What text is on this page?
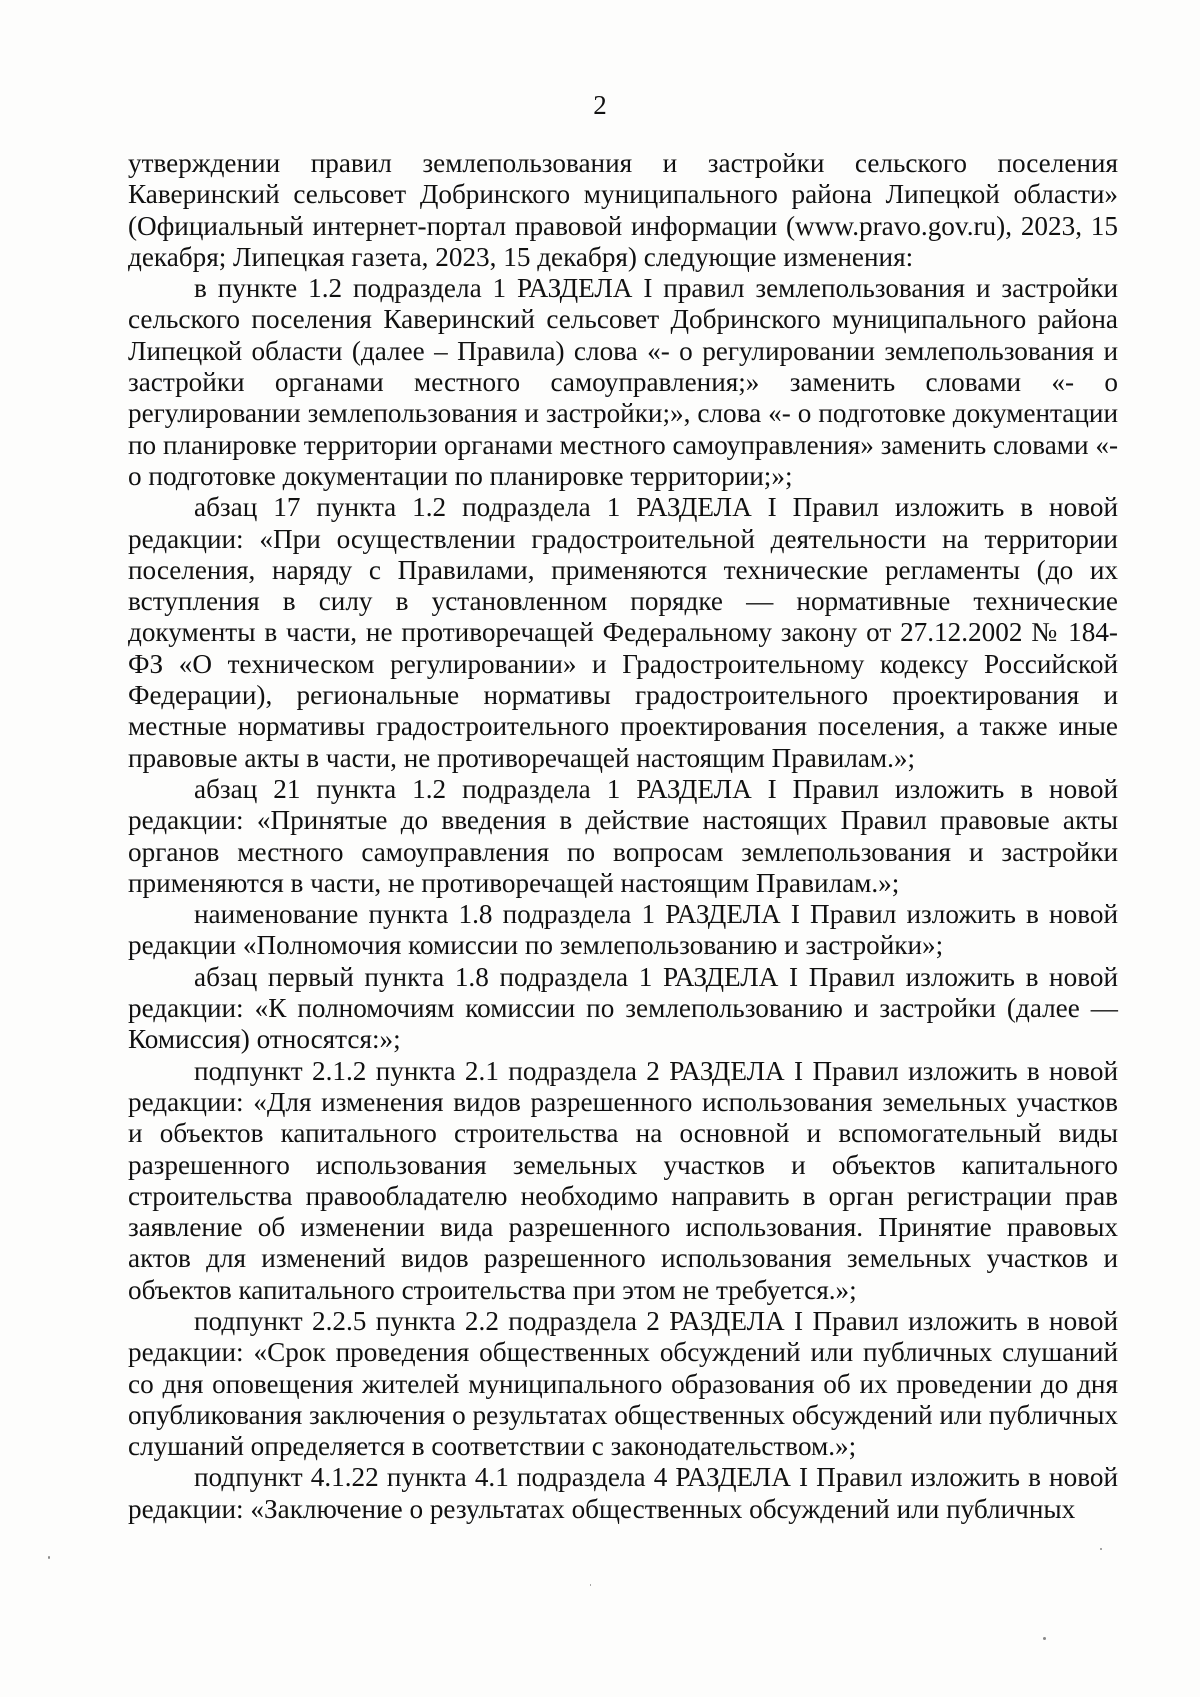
2

утверждении правил землепользования и застройки сельского поселения Каверинский сельсовет Добринского муниципального района Липецкой области» (Официальный интернет-портал правовой информации (www.pravo.gov.ru), 2023, 15 декабря; Липецкая газета, 2023, 15 декабря) следующие изменения:

в пункте 1.2 подраздела 1 РАЗДЕЛА I правил землепользования и застройки сельского поселения Каверинский сельсовет Добринского муниципального района Липецкой области (далее – Правила) слова «- о регулировании землепользования и застройки органами местного самоуправления;» заменить словами «- о регулировании землепользования и застройки;», слова «- о подготовке документации по планировке территории органами местного самоуправления» заменить словами «- о подготовке документации по планировке территории;»;

абзац 17 пункта 1.2 подраздела 1 РАЗДЕЛА I Правил изложить в новой редакции: «При осуществлении градостроительной деятельности на территории поселения, наряду с Правилами, применяются технические регламенты (до их вступления в силу в установленном порядке — нормативные технические документы в части, не противоречащей Федеральному закону от 27.12.2002 № 184-ФЗ «О техническом регулировании» и Градостроительному кодексу Российской Федерации), региональные нормативы градостроительного проектирования и местные нормативы градостроительного проектирования поселения, а также иные правовые акты в части, не противоречащей настоящим Правилам.»;

абзац 21 пункта 1.2 подраздела 1 РАЗДЕЛА I Правил изложить в новой редакции: «Принятые до введения в действие настоящих Правил правовые акты органов местного самоуправления по вопросам землепользования и застройки применяются в части, не противоречащей настоящим Правилам.»;

наименование пункта 1.8 подраздела 1 РАЗДЕЛА I Правил изложить в новой редакции «Полномочия комиссии по землепользованию и застройки»;

абзац первый пункта 1.8 подраздела 1 РАЗДЕЛА I Правил изложить в новой редакции: «К полномочиям комиссии по землепользованию и застройки (далее — Комиссия) относятся:»;

подпункт 2.1.2 пункта 2.1 подраздела 2 РАЗДЕЛА I Правил изложить в новой редакции: «Для изменения видов разрешенного использования земельных участков и объектов капитального строительства на основной и вспомогательный виды разрешенного использования земельных участков и объектов капитального строительства правообладателю необходимо направить в орган регистрации прав заявление об изменении вида разрешенного использования. Принятие правовых актов для изменений видов разрешенного использования земельных участков и объектов капитального строительства при этом не требуется.»;

подпункт 2.2.5 пункта 2.2 подраздела 2 РАЗДЕЛА I Правил изложить в новой редакции: «Срок проведения общественных обсуждений или публичных слушаний со дня оповещения жителей муниципального образования об их проведении до дня опубликования заключения о результатах общественных обсуждений или публичных слушаний определяется в соответствии с законодательством.»;

подпункт 4.1.22 пункта 4.1 подраздела 4 РАЗДЕЛА I Правил изложить в новой редакции: «Заключение о результатах общественных обсуждений или публичных
